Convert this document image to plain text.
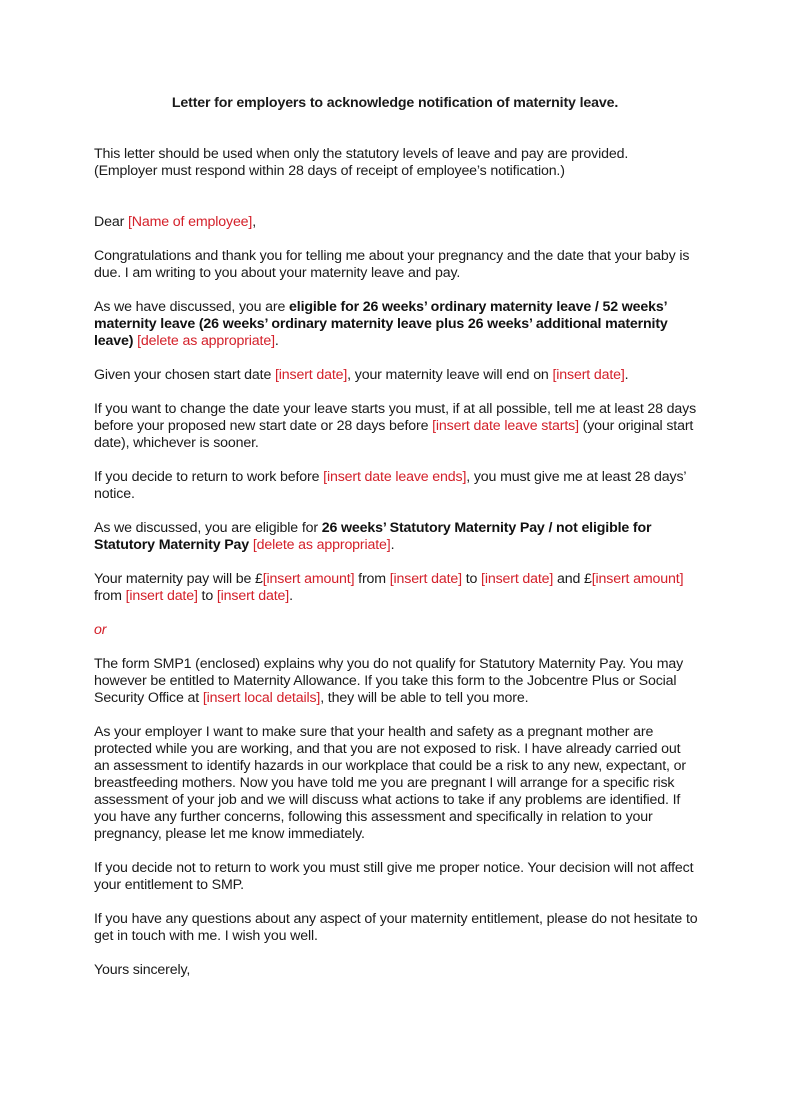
Letter for employers to acknowledge notification of maternity leave.
This letter should be used when only the statutory levels of leave and pay are provided.
(Employer must respond within 28 days of receipt of employee’s notification.)

Dear [Name of employee],

Congratulations and thank you for telling me about your pregnancy and the date that your baby is due. I am writing to you about your maternity leave and pay.

As we have discussed, you are eligible for 26 weeks’ ordinary maternity leave / 52 weeks’ maternity leave (26 weeks’ ordinary maternity leave plus 26 weeks’ additional maternity leave) [delete as appropriate].

Given your chosen start date [insert date], your maternity leave will end on [insert date].

If you want to change the date your leave starts you must, if at all possible, tell me at least 28 days before your proposed new start date or 28 days before [insert date leave starts] (your original start date), whichever is sooner.

If you decide to return to work before [insert date leave ends], you must give me at least 28 days’ notice.

As we discussed, you are eligible for 26 weeks’ Statutory Maternity Pay / not eligible for Statutory Maternity Pay [delete as appropriate].

Your maternity pay will be £[insert amount] from [insert date] to [insert date] and £[insert amount] from [insert date] to [insert date].

or

The form SMP1 (enclosed) explains why you do not qualify for Statutory Maternity Pay. You may however be entitled to Maternity Allowance. If you take this form to the Jobcentre Plus or Social Security Office at [insert local details], they will be able to tell you more.

As your employer I want to make sure that your health and safety as a pregnant mother are protected while you are working, and that you are not exposed to risk. I have already carried out an assessment to identify hazards in our workplace that could be a risk to any new, expectant, or breastfeeding mothers. Now you have told me you are pregnant I will arrange for a specific risk assessment of your job and we will discuss what actions to take if any problems are identified. If you have any further concerns, following this assessment and specifically in relation to your pregnancy, please let me know immediately.

If you decide not to return to work you must still give me proper notice. Your decision will not affect your entitlement to SMP.

If you have any questions about any aspect of your maternity entitlement, please do not hesitate to get in touch with me. I wish you well.

Yours sincerely,
